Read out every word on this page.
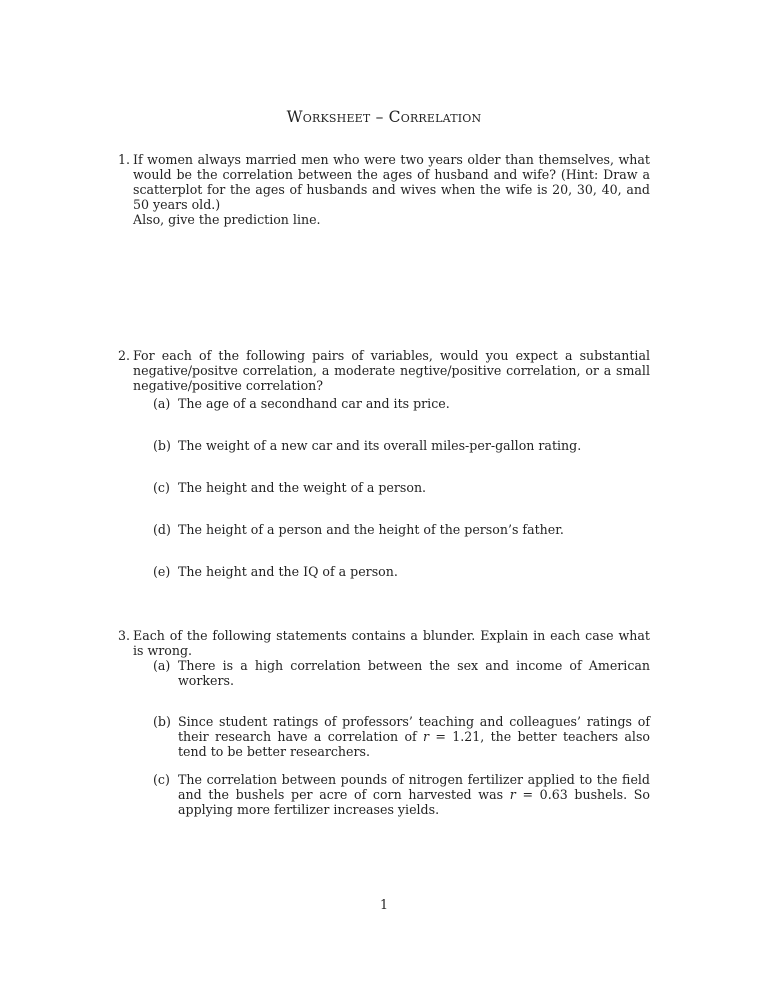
Worksheet – Correlation
1. If women always married men who were two years older than themselves, what would be the correlation between the ages of husband and wife? (Hint: Draw a scatterplot for the ages of husbands and wives when the wife is 20, 30, 40, and 50 years old.)

Also, give the prediction line.

2. For each of the following pairs of variables, would you expect a substantial negative/positve correlation, a moderate negtive/positive correlation, or a small negative/positive correlation?

(a) The age of a secondhand car and its price.
(b) The weight of a new car and its overall miles-per-gallon rating.
(c) The height and the weight of a person.
(d) The height of a person and the height of the person’s father.
(e) The height and the IQ of a person.
3. Each of the following statements contains a blunder. Explain in each case what is wrong.

(a) There is a high correlation between the sex and income of American workers.
(b) Since student ratings of professors’ teaching and colleagues’ ratings of their research have a correlation of r = 1.21, the better teachers also tend to be better researchers.
(c) The correlation between pounds of nitrogen fertilizer applied to the field and the bushels per acre of corn harvested was r = 0.63 bushels. So applying more fertilizer increases yields.
1
